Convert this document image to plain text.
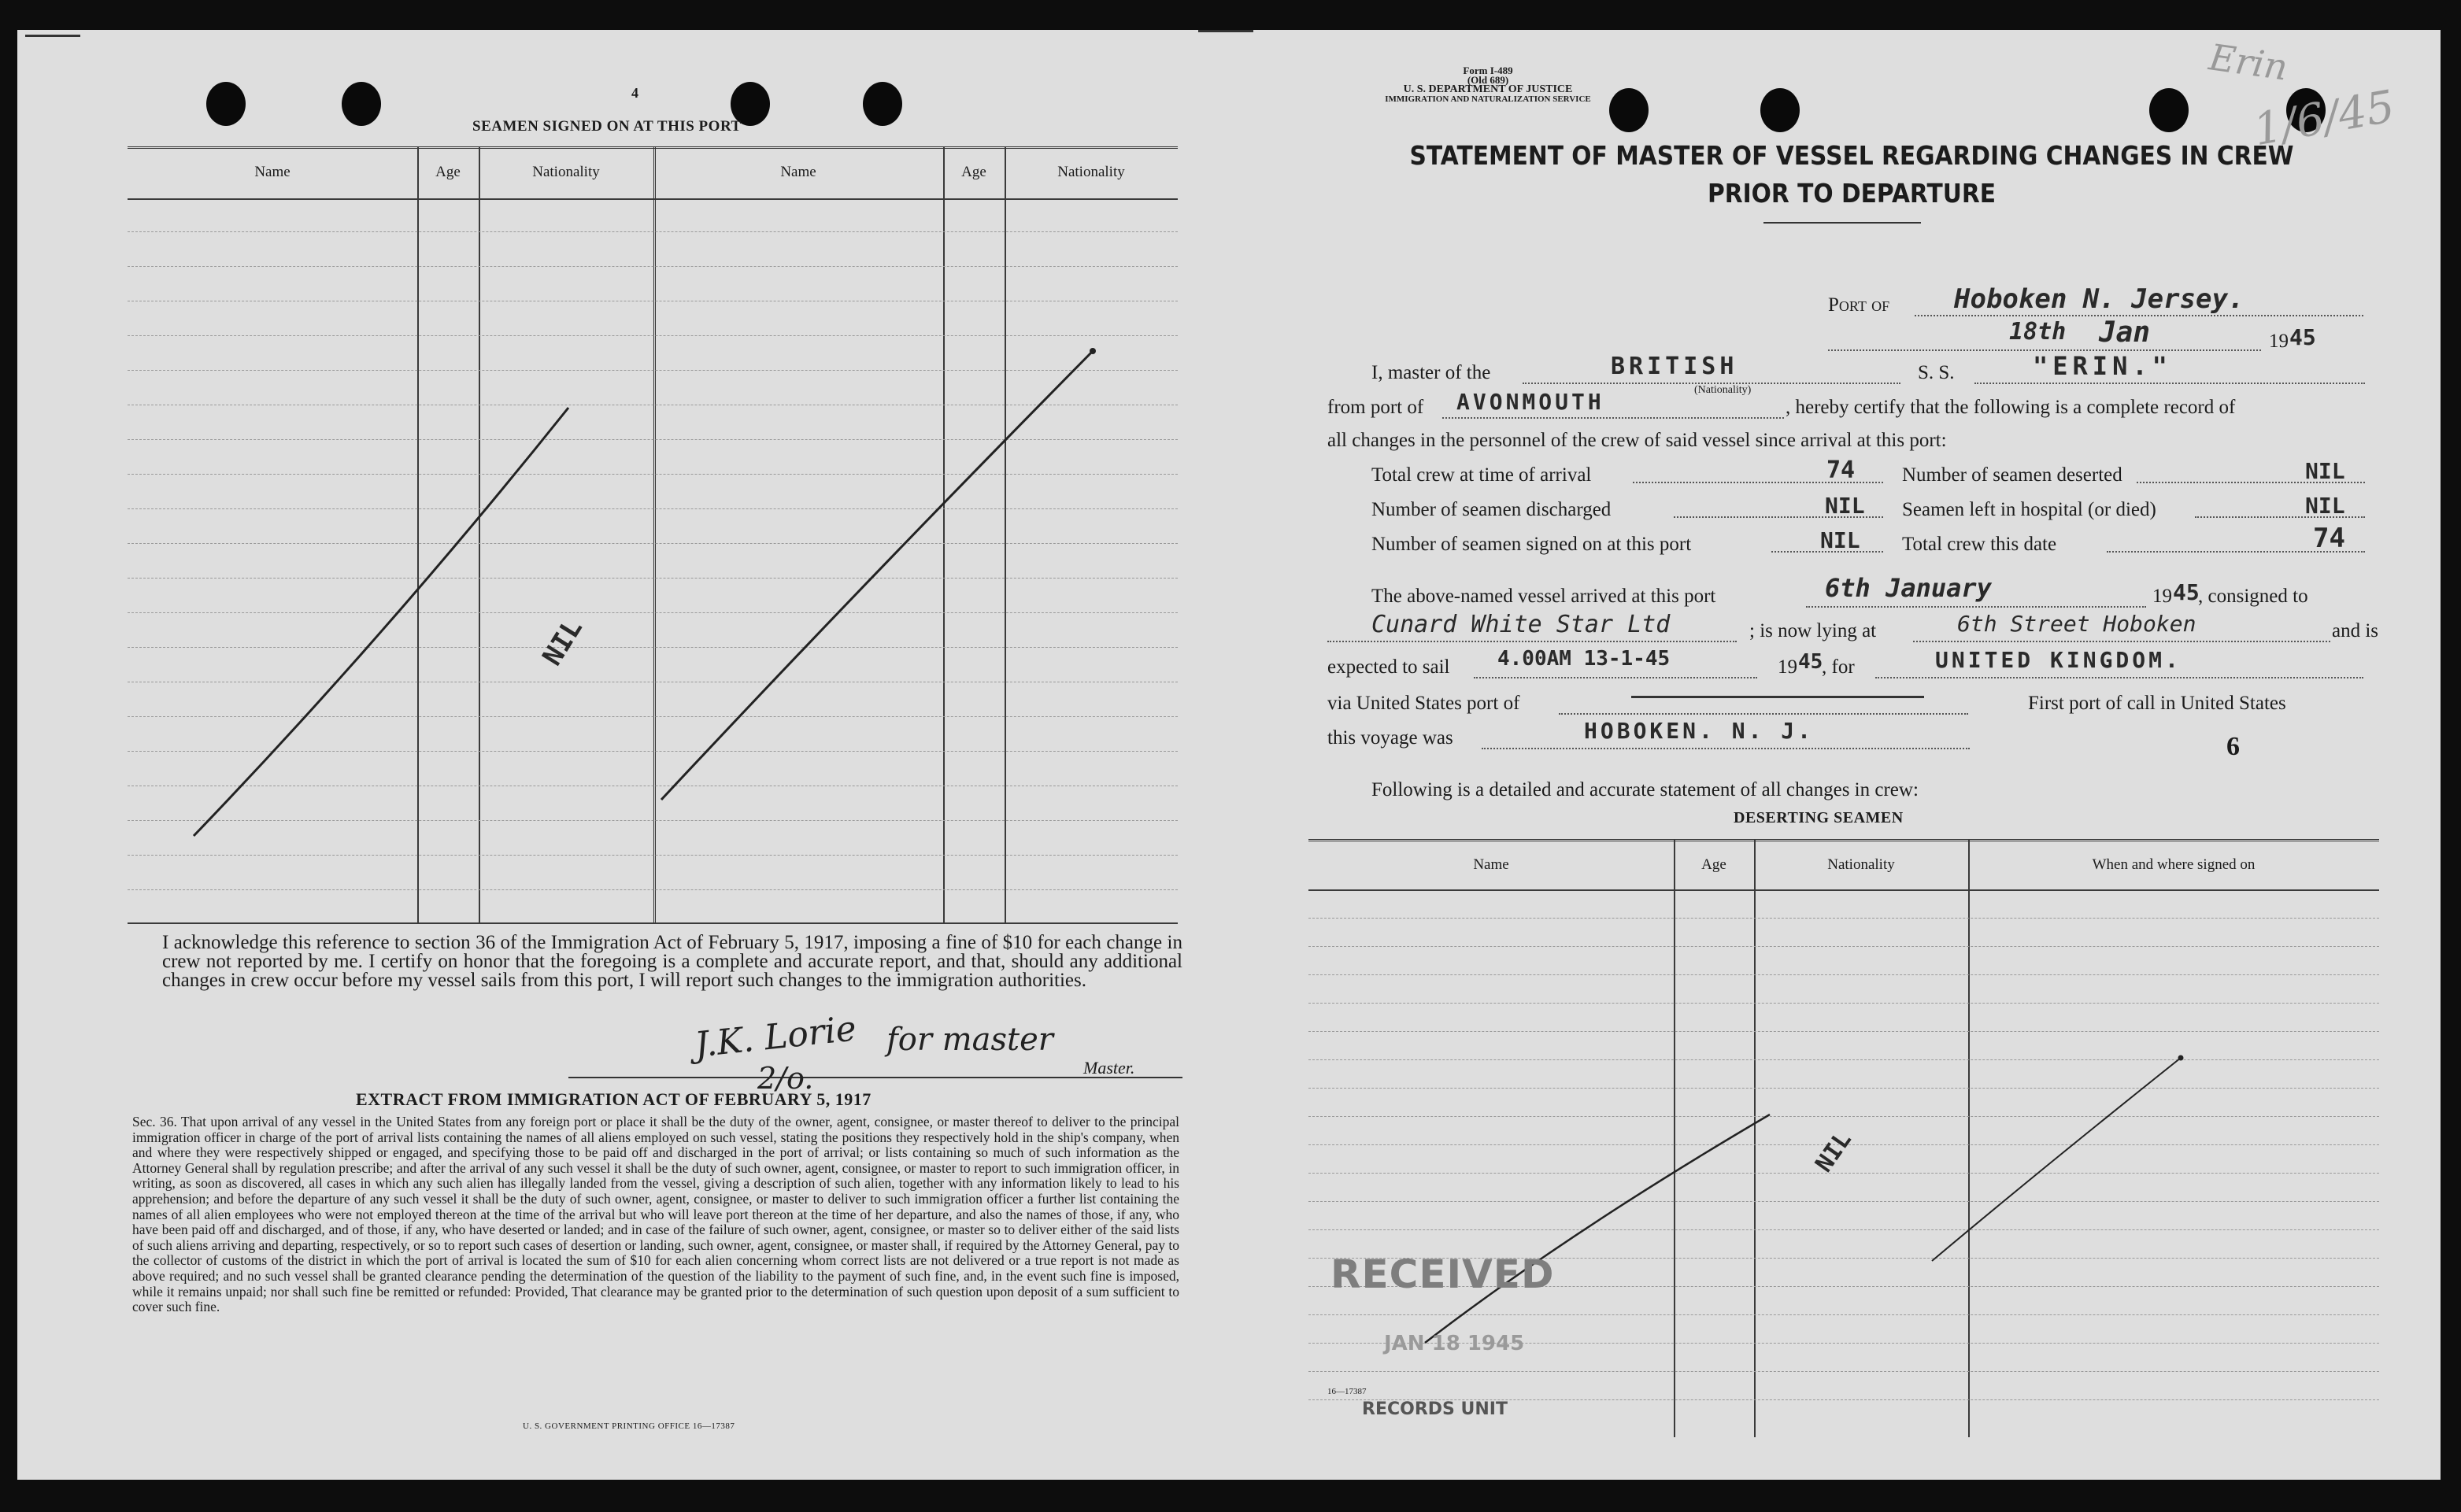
4
SEAMEN SIGNED ON AT THIS PORT
Name	Age	Nationality	Name	Age	Nationality
NIL
I acknowledge this reference to section 36 of the Immigration Act of February 5, 1917, imposing a fine of $10 for each change in crew not reported by me. I certify on honor that the foregoing is a complete and accurate report, and that, should any additional changes in crew occur before my vessel sails from this port, I will report such changes to the immigration authorities.
J.K. Lorie for master
2/o.	Master.
EXTRACT FROM IMMIGRATION ACT OF FEBRUARY 5, 1917
Sec. 36. That upon arrival of any vessel in the United States from any foreign port or place it shall be the duty of the owner, agent, consignee, or master thereof to deliver to the principal immigration officer in charge of the port of arrival lists containing the names of all aliens employed on such vessel, stating the positions they respectively hold in the ship's company, when and where they were respectively shipped or engaged, and specifying those to be paid off and discharged in the port of arrival; or lists containing so much of such information as the Attorney General shall by regulation prescribe; and after the arrival of any such vessel it shall be the duty of such owner, agent, consignee, or master to report to such immigration officer, in writing, as soon as discovered, all cases in which any such alien has illegally landed from the vessel, giving a description of such alien, together with any information likely to lead to his apprehension; and before the departure of any such vessel it shall be the duty of such owner, agent, consignee, or master to deliver to such immigration officer a further list containing the names of all alien employees who were not employed thereon at the time of the arrival but who will leave port thereon at the time of her departure, and also the names of those, if any, who have been paid off and discharged, and of those, if any, who have deserted or landed; and in case of the failure of such owner, agent, consignee, or master so to deliver either of the said lists of such aliens arriving and departing, respectively, or so to report such cases of desertion or landing, such owner, agent, consignee, or master shall, if required by the Attorney General, pay to the collector of customs of the district in which the port of arrival is located the sum of $10 for each alien concerning whom correct lists are not delivered or a true report is not made as above required; and no such vessel shall be granted clearance pending the determination of the question of the liability to the payment of such fine, and, in the event such fine is imposed, while it remains unpaid; nor shall such fine be remitted or refunded: Provided, That clearance may be granted prior to the determination of such question upon deposit of a sum sufficient to cover such fine.
U. S. GOVERNMENT PRINTING OFFICE 16—17387
Form I-489
(Old 689)
U. S. DEPARTMENT OF JUSTICE
IMMIGRATION AND NATURALIZATION SERVICE
Erin
1/6/45
STATEMENT OF MASTER OF VESSEL REGARDING CHANGES IN CREW
PRIOR TO DEPARTURE
Port of Hoboken N. Jersey.
18th Jan	19 45
I, master of the	BRITISH
(Nationality)
S. S.	"ERIN."
from port of AVONMOUTH	, hereby certify that the following is a complete record of
all changes in the personnel of the crew of said vessel since arrival at this port:
Total crew at time of arrival	74 Number of seamen deserted	NIL
Number of seamen discharged	NIL Seamen left in hospital (or died)	NIL
Number of seamen signed on at this port	NIL Total crew this date	74
The above-named vessel arrived at this port	6th January	19 45
, consigned to
Cunard White Star Ltd	; is now lying at	6th Street Hoboken	and is
expected to sail 4.00AM 13-1-45	19 45
, for	UNITED KINGDOM.
via United States port of	First port of call in United States
this voyage was	HOBOKEN. N. J.
6
Following is a detailed and accurate statement of all changes in crew:
DESERTING SEAMEN
Name	Age	Nationality	When and where signed on
NIL
RECEIVED
JAN 18 1945
16—17387
RECORDS UNIT
